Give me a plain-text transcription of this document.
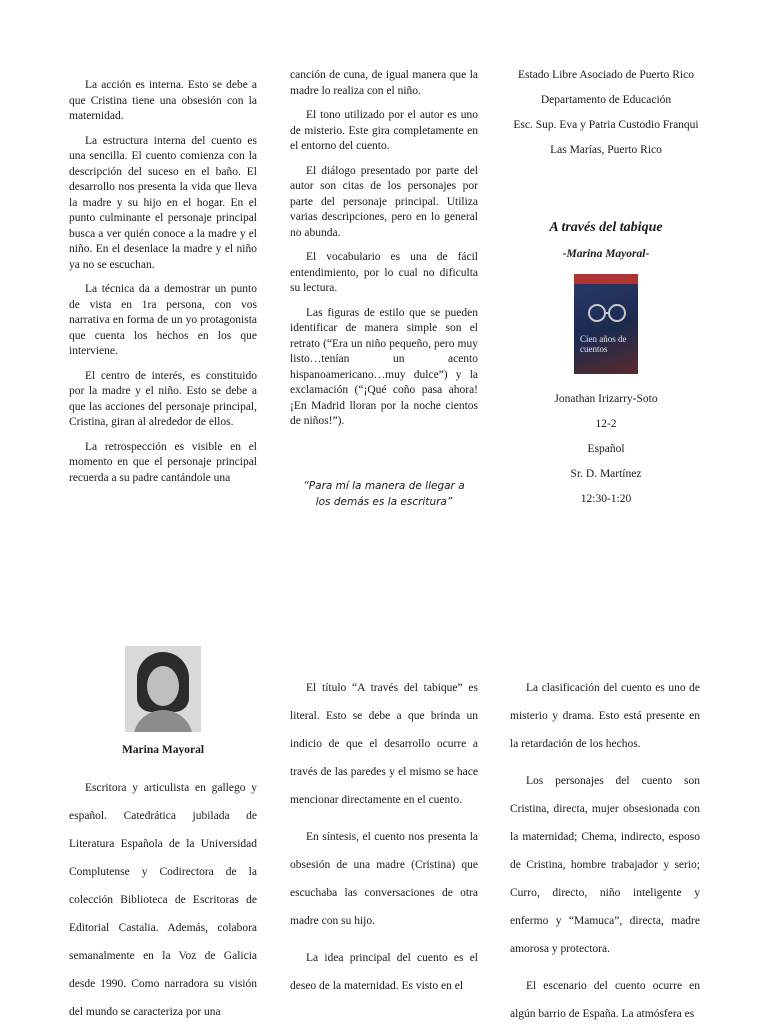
La acción es interna. Esto se debe a que Cristina tiene una obsesión con la maternidad.

La estructura interna del cuento es una sencilla. El cuento comienza con la descripción del suceso en el baño. El desarrollo nos presenta la vida que lleva la madre y su hijo en el hogar. En el punto culminante el personaje principal busca a ver quién conoce a la madre y el niño. En el desenlace la madre y el niño ya no se escuchan.

La técnica da a demostrar un punto de vista en 1ra persona, con vos narrativa en forma de un yo protagonista que cuenta los hechos en los que interviene.

El centro de interés, es constituido por la madre y el niño. Esto se debe a que las acciones del personaje principal, Cristina, giran al alrededor de ellos.

La retrospección es visible en el momento en que el personaje principal recuerda a su padre cantándole una

canción de cuna, de igual manera que la madre lo realiza con el niño.

El tono utilizado por el autor es uno de misterio. Este gira completamente en el entorno del cuento.

El diálogo presentado por parte del autor son citas de los personajes por parte del personaje principal. Utiliza varias descripciones, pero en lo general no abunda.

El vocabulario es una de fácil entendimiento, por lo cual no dificulta su lectura.

Las figuras de estilo que se pueden identificar de manera simple son el retrato (“Era un niño pequeño, pero muy listo…tenían un acento hispanoamericano…muy dulce”) y la exclamación (“¡Qué coño pasa ahora! ¡En Madrid lloran por la noche cientos de niños!”).

“Para mí la manera de llegar a los demás es la escritura”
Estado Libre Asociado de Puerto Rico
Departamento de Educación
Esc. Sup. Eva y Patria Custodio Franqui
Las Marías, Puerto Rico
A través del tabique
-Marina Mayoral-
Cien años de cuentos
Jonathan Irizarry-Soto
12-2
Español
Sr. D. Martínez
12:30-1:20
Marina Mayoral

Escritora y articulista en gallego y español. Catedrática jubilada de Literatura Española de la Universidad Complutense y Codirectora de la colección Biblioteca de Escritoras de Editorial Castalia. Además, colabora semanalmente en la Voz de Galicia desde 1990. Como narradora su visión del mundo se caracteriza por una

El título “A través del tabique” es literal. Esto se debe a que brinda un indicio de que el desarrollo ocurre a través de las paredes y el mismo se hace mencionar directamente en el cuento.

En síntesis, el cuento nos presenta la obsesión de una madre (Cristina) que escuchaba las conversaciones de otra madre con su hijo.

La idea principal del cuento es el deseo de la maternidad. Es visto en el

La clasificación del cuento es uno de misterio y drama. Esto está presente en la retardación de los hechos.

Los personajes del cuento son Cristina, directa, mujer obsesionada con la maternidad; Chema, indirecto, esposo de Cristina, hombre trabajador y serio; Curro, directo, niño inteligente y enfermo y “Mamuca”, directa, madre amorosa y protectora.

El escenario del cuento ocurre en algún barrio de España. La atmósfera es
